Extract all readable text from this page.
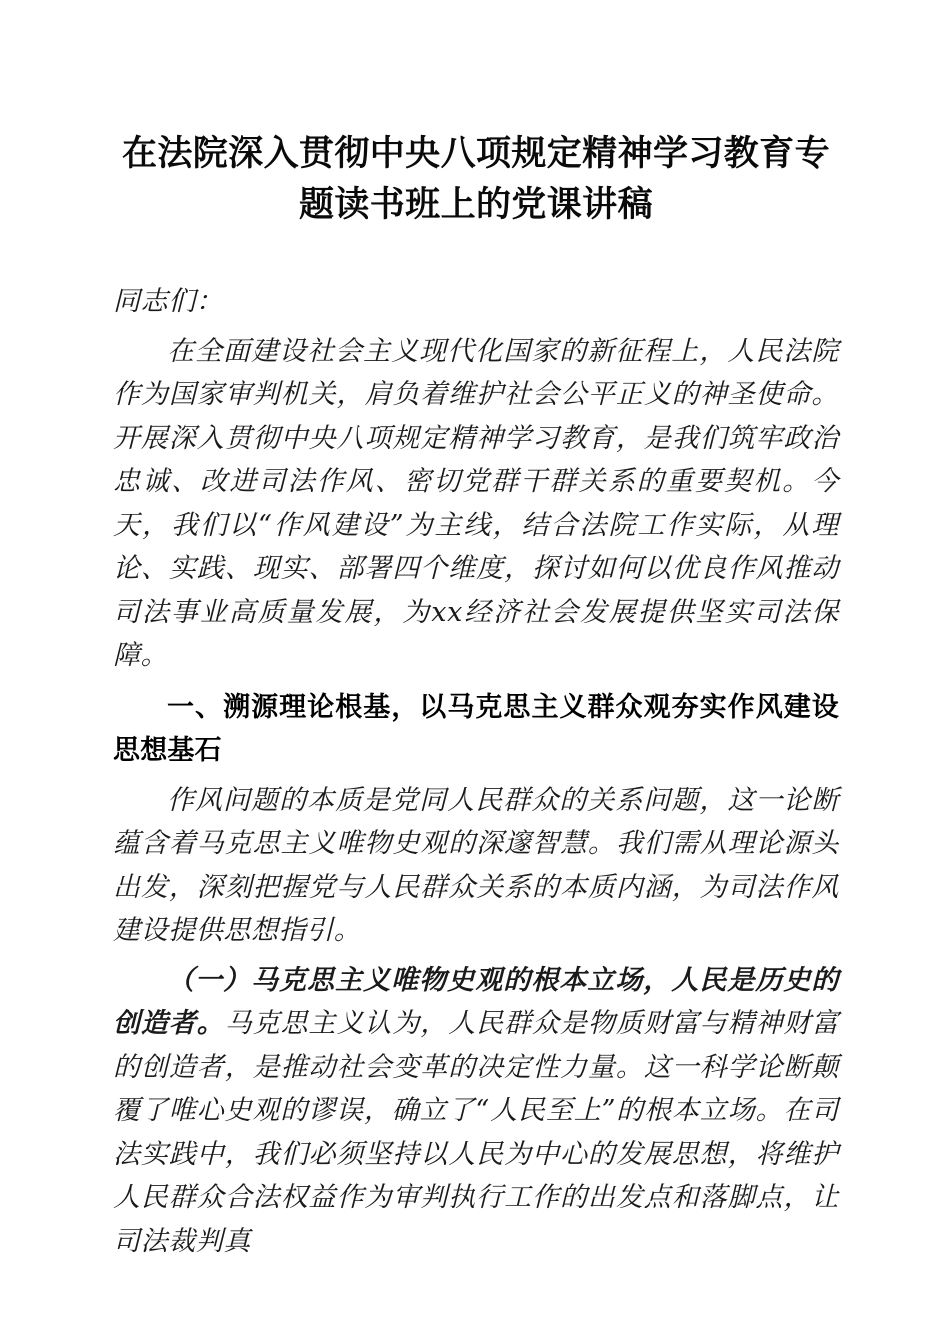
在法院深入贯彻中央八项规定精神学习教育专题读书班上的党课讲稿

同志们：

在全面建设社会主义现代化国家的新征程上，人民法院作为国家审判机关，肩负着维护社会公平正义的神圣使命。开展深入贯彻中央八项规定精神学习教育，是我们筑牢政治忠诚、改进司法作风、密切党群干群关系的重要契机。今天，我们以“作风建设”为主线，结合法院工作实际，从理论、实践、现实、部署四个维度，探讨如何以优良作风推动司法事业高质量发展，为xx经济社会发展提供坚实司法保障。

一、溯源理论根基，以马克思主义群众观夯实作风建设思想基石

作风问题的本质是党同人民群众的关系问题，这一论断蕴含着马克思主义唯物史观的深邃智慧。我们需从理论源头出发，深刻把握党与人民群众关系的本质内涵，为司法作风建设提供思想指引。

（一）马克思主义唯物史观的根本立场，人民是历史的创造者。马克思主义认为，人民群众是物质财富与精神财富的创造者，是推动社会变革的决定性力量。这一科学论断颠覆了唯心史观的谬误，确立了“人民至上”的根本立场。在司法实践中，我们必须坚持以人民为中心的发展思想，将维护人民群众合法权益作为审判执行工作的出发点和落脚点，让司法裁判真
